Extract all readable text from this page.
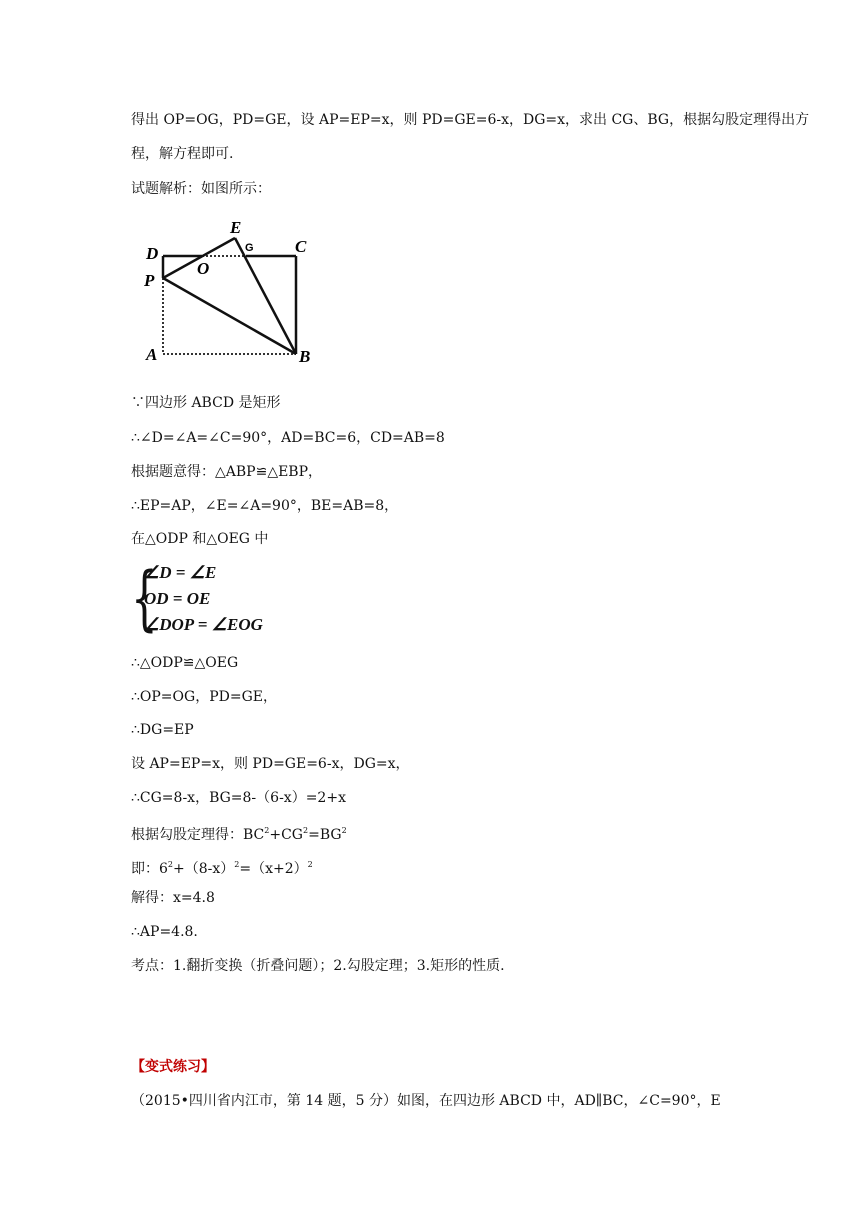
得出 OP=OG，PD=GE，设 AP=EP=x，则 PD=GE=6-x，DG=x，求出 CG、BG，根据勾股定理得出方
程，解方程即可.
试题解析：如图所示：
D
E
G C
P
O
A	B
∵四边形 ABCD 是矩形
∴∠D=∠A=∠C=90°，AD=BC=6，CD=AB=8
根据题意得：△ABP≌△EBP，
∴EP=AP，∠E=∠A=90°，BE=AB=8，
在△ODP 和△OEG 中
{
∠D = ∠E
OD = OE
∠DOP = ∠EOG
∴△ODP≌△OEG
∴OP=OG，PD=GE，
∴DG=EP
设 AP=EP=x，则 PD=GE=6-x，DG=x，
∴CG=8-x，BG=8-（6-x）=2+x
根据勾股定理得：$BC^2+CG^2=BG^2$
即：$6^2+(8-x)^2=(x+2)^2$
解得：x=4.8
∴AP=4.8.
考点：1.翻折变换（折叠问题）；2.勾股定理；3.矩形的性质.
【变式练习】
（2015•四川省内江市，第 14 题，5 分）如图，在四边形 ABCD 中，AD∥BC，∠C=90°，E
